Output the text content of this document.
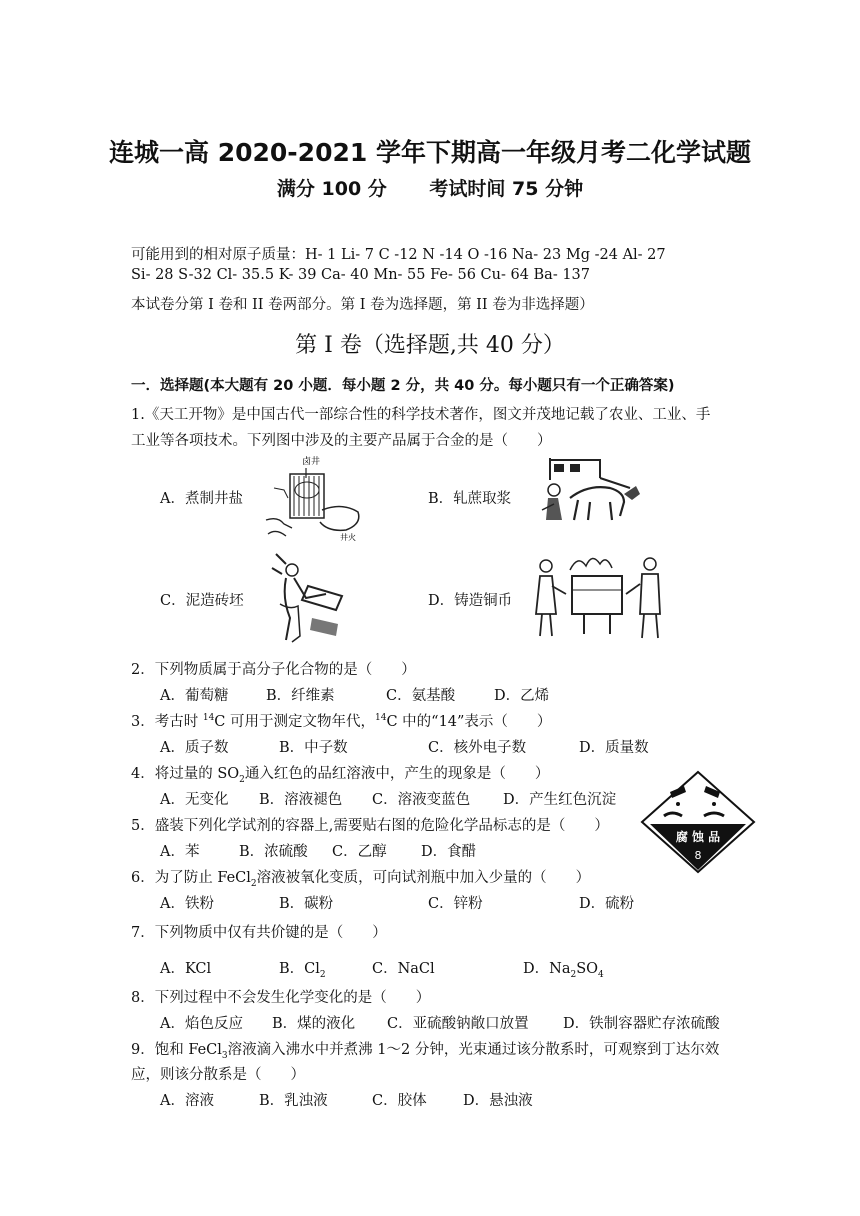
连城一高 2020-2021 学年下期高一年级月考二化学试题
满分 100 分 考试时间 75 分钟
可能用到的相对原子质量：H- 1 Li- 7 C -12 N -14 O -16 Na- 23 Mg -24 Al- 27
Si- 28 S-32 Cl- 35.5 K- 39 Ca- 40 Mn- 55 Fe- 56 Cu- 64 Ba- 137
本试卷分第 I 卷和 II 卷两部分。第 I 卷为选择题，第 II 卷为非选择题）
第 I 卷（选择题,共 40 分）
一．选择题(本大题有 20 小题．每小题 2 分，共 40 分。每小题只有一个正确答案)
1.《天工开物》是中国古代一部综合性的科学技术著作，图文并茂地记载了农业、工业、手
工业等各项技术。下列图中涉及的主要产品属于合金的是（　　）
A．煮制井盐	B．轧蔗取浆
C．泥造砖坯	D．铸造铜币
卤井
井火
2．下列物质属于高分子化合物的是（　　）
A．葡萄糖	B．纤维素	C．氨基酸	D．乙烯
3．考古时 $^{14}$C 可用于测定文物年代，$^{14}$C 中的“14”表示（　　）
A．质子数	B．中子数	C．核外电子数	D．质量数
4．将过量的 $SO_2$通入红色的品红溶液中，产生的现象是（　　）
A．无变化 B．溶液褪色 C．溶液变蓝色 D．产生红色沉淀
腐 蚀 品
8
5．盛装下列化学试剂的容器上,需要贴右图的危险化学品标志的是（　　）
A．苯	B．浓硫酸 C．乙醇 D．食醋
6．为了防止 FeCl$_2$溶液被氧化变质，可向试剂瓶中加入少量的（　　）
A．铁粉	B．碳粉	C．锌粉	D．硫粉
7．下列物质中仅有共价键的是（　　）
A．KCl	B．$Cl_2$	C．NaCl	D．$Na_2SO_4$
8．下列过程中不会发生化学变化的是（　　）
A．焰色反应 B．煤的液化 C．亚硫酸钠敞口放置 D．铁制容器贮存浓硫酸
9．饱和 FeCl$_3$溶液滴入沸水中并煮沸 1～2 分钟，光束通过该分散系时，可观察到丁达尔效
应，则该分散系是（　　）
A．溶液	B．乳浊液	C．胶体	D．悬浊液
